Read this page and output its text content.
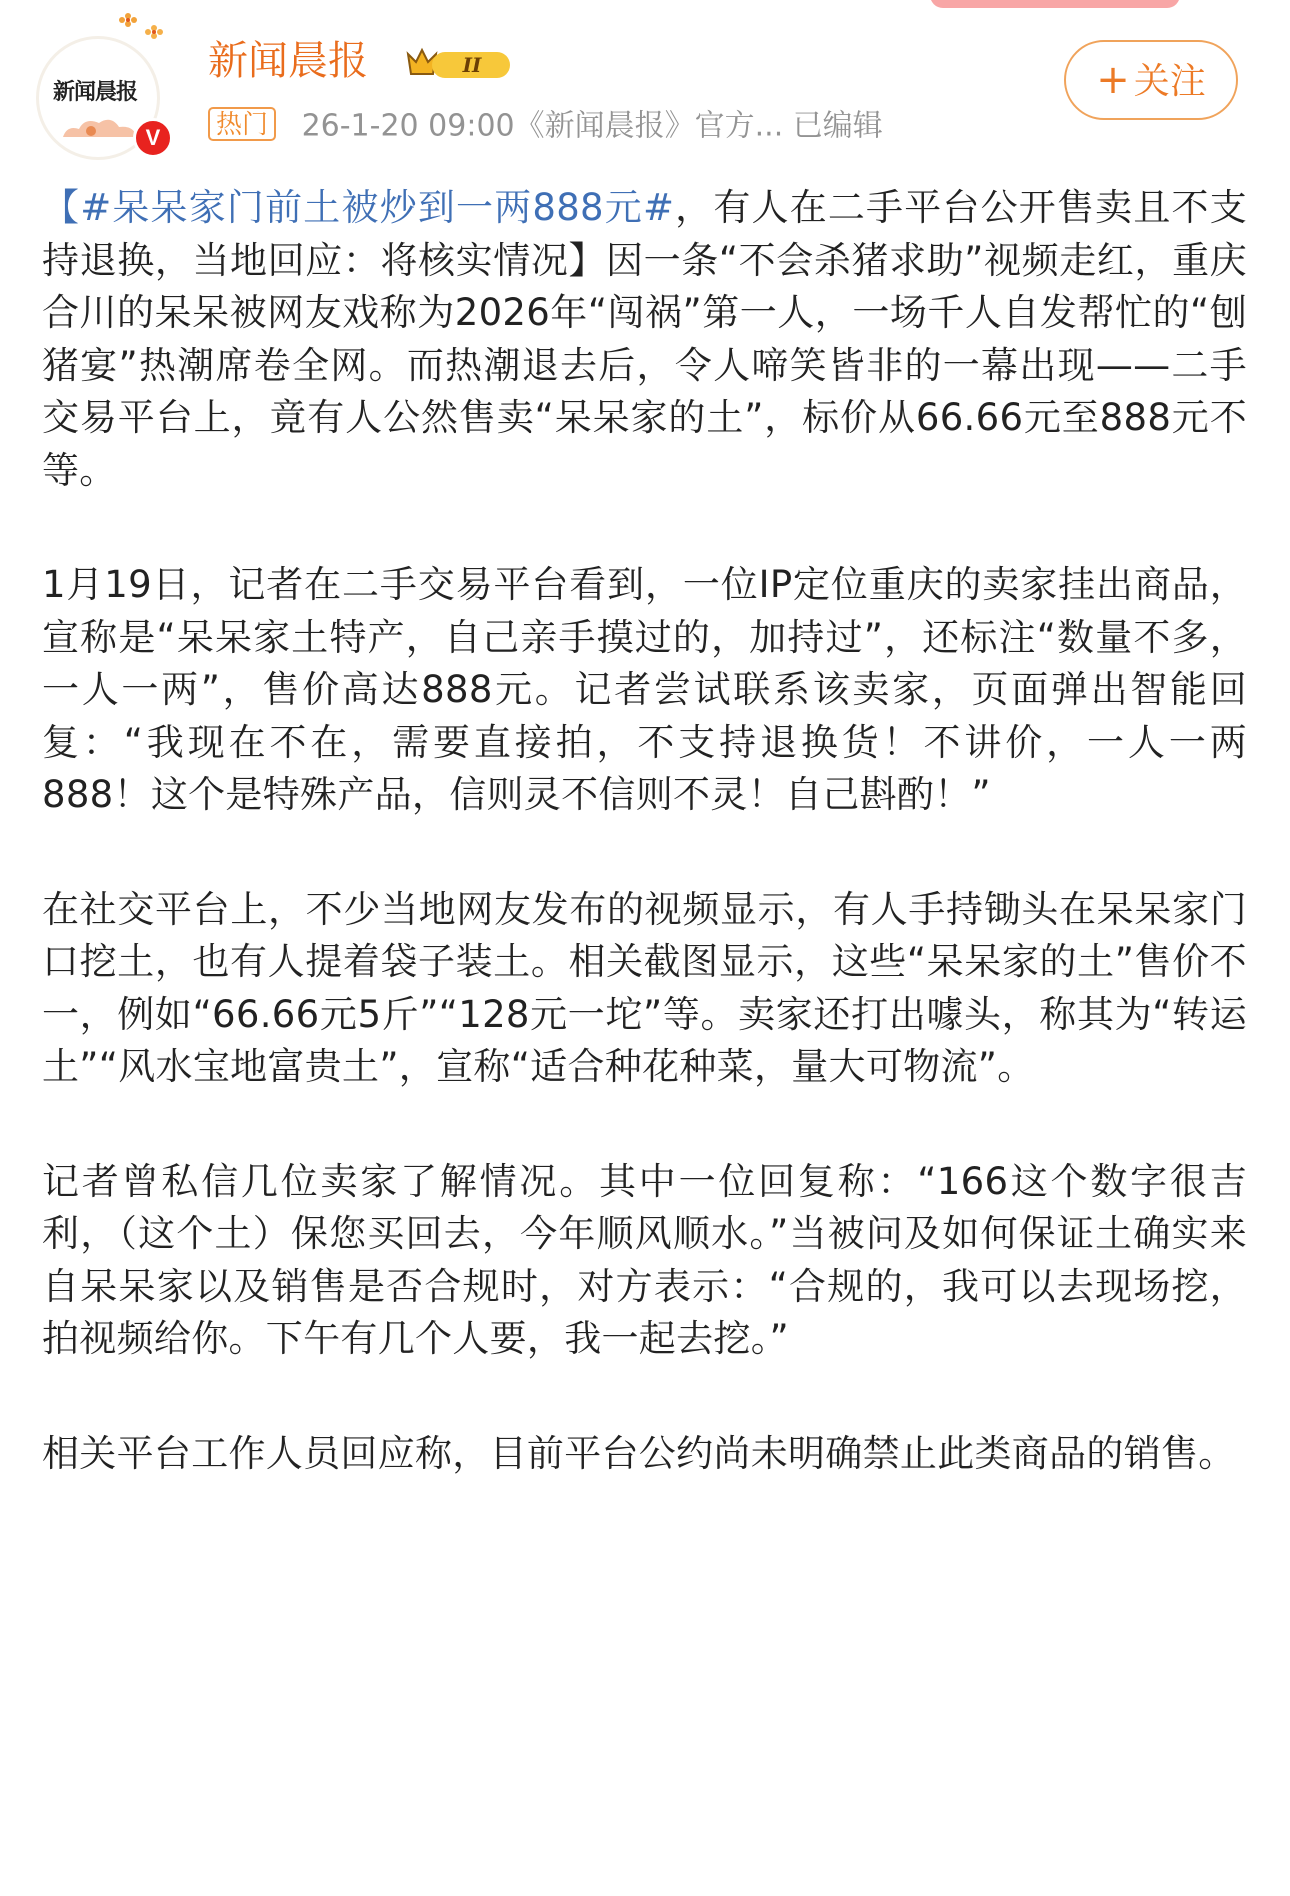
新闻晨报
V
新闻晨报	II
热门 26-1-20 09:00《新闻晨报》官方... 已编辑
+ 关注

【#呆呆家门前土被炒到一两888元#，有人在二手平台公开售卖且不支持退换，当地回应：将核实情况】因一条“不会杀猪求助”视频走红，重庆合川的呆呆被网友戏称为2026年“闯祸”第一人，一场千人自发帮忙的“刨猪宴”热潮席卷全网。而热潮退去后，令人啼笑皆非的一幕出现——二手交易平台上，竟有人公然售卖“呆呆家的土”，标价从66.66元至888元不等。

1月19日，记者在二手交易平台看到，一位IP定位重庆的卖家挂出商品，宣称是“呆呆家土特产，自己亲手摸过的，加持过”，还标注“数量不多，一人一两”，售价高达888元。记者尝试联系该卖家，页面弹出智能回复：“我现在不在，需要直接拍，不支持退换货！不讲价，一人一两888！这个是特殊产品，信则灵不信则不灵！自己斟酌！”

在社交平台上，不少当地网友发布的视频显示，有人手持锄头在呆呆家门口挖土，也有人提着袋子装土。相关截图显示，这些“呆呆家的土”售价不一，例如“66.66元5斤”“128元一坨”等。卖家还打出噱头，称其为“转运土”“风水宝地富贵土”，宣称“适合种花种菜，量大可物流”。

记者曾私信几位卖家了解情况。其中一位回复称：“166这个数字很吉利，（这个土）保您买回去，今年顺风顺水。”当被问及如何保证土确实来自呆呆家以及销售是否合规时，对方表示：“合规的，我可以去现场挖，拍视频给你。下午有几个人要，我一起去挖。”

相关平台工作人员回应称，目前平台公约尚未明确禁止此类商品的销售。
